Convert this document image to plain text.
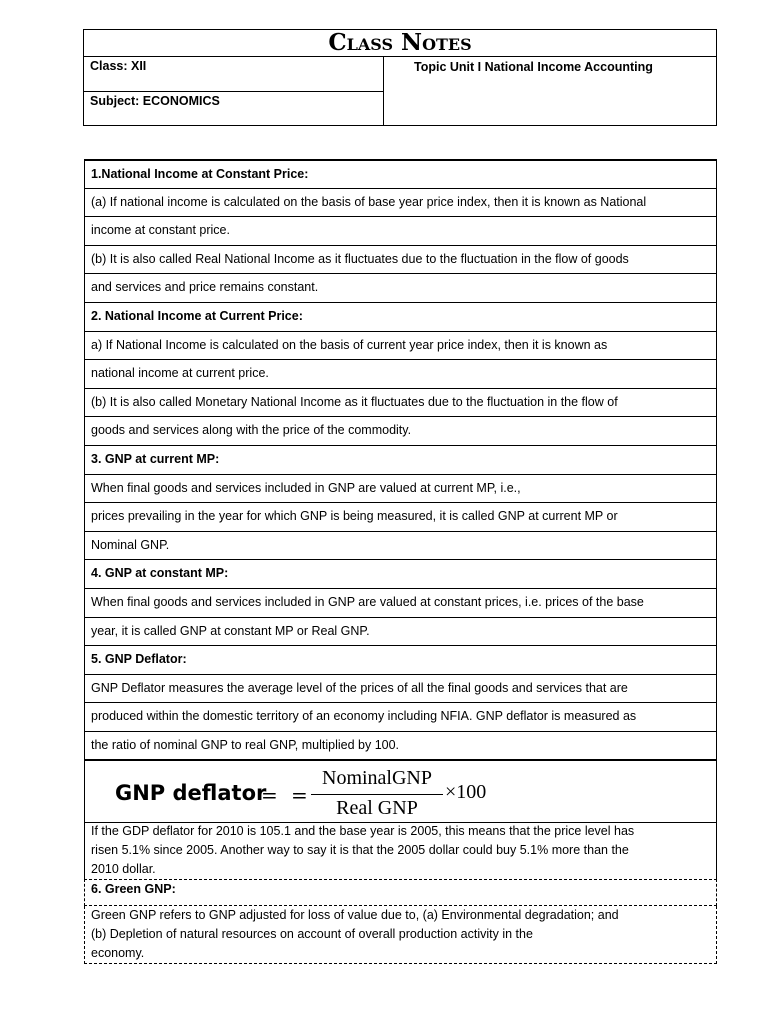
Class Notes
Class: XII
Subject: ECONOMICS
Topic Unit I National Income Accounting
1.National Income at Constant Price:
(a) If national income is calculated on the basis of base year price index, then it is known as National
income at constant price.
(b) It is also called Real National Income as it fluctuates due to the fluctuation in the flow of goods
and services and price remains constant.
2. National Income at Current Price:
a) If National Income is calculated on the basis of current year price index, then it is known as
national income at current price.
(b) It is also called Monetary National Income as it fluctuates due to the fluctuation in the flow of
goods and services along with the price of the commodity.
3. GNP at current MP:
When final goods and services included in GNP are valued at current MP, i.e.,
prices prevailing in the year for which GNP is being measured, it is called GNP at current MP or
Nominal GNP.
4. GNP at constant MP:
When final goods and services included in GNP are valued at constant prices, i.e. prices of the base
year, it is called GNP at constant MP or Real GNP.
5. GNP Deflator:
GNP Deflator measures the average level of the prices of all the final goods and services that are
produced within the domestic territory of an economy including NFIA. GNP deflator is measured as
the ratio of nominal GNP to real GNP, multiplied by 100.
GNP deflator
= =
NominalGNP
Real GNP
×100
If the GDP deflator for 2010 is 105.1 and the base year is 2005, this means that the price level has
risen 5.1% since 2005. Another way to say it is that the 2005 dollar could buy 5.1% more than the
2010 dollar.
6. Green GNP:
Green GNP refers to GNP adjusted for loss of value due to, (a) Environmental degradation; and
(b) Depletion of natural resources on account of overall production activity in the
economy.
